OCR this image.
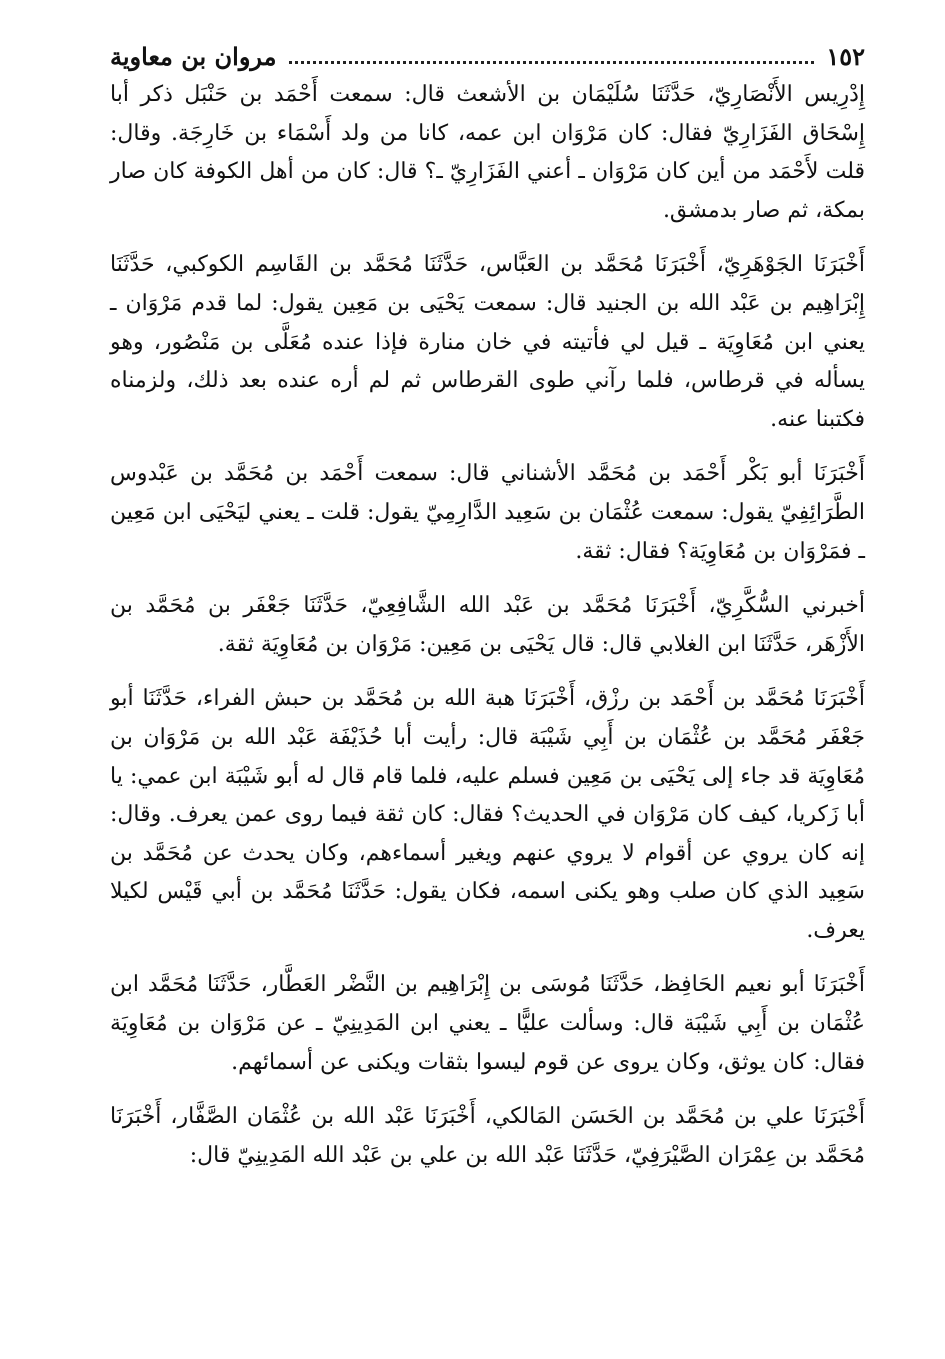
١٥٢
مروان بن معاوية

إِدْرِيس الأَنْصَارِيّ، حَدَّثَنَا سُلَيْمَان بن الأشعث قال: سمعت أَحْمَد بن حَنْبَل ذكر أبا إِسْحَاق الفَزَارِيّ فقال: كان مَرْوَان ابن عمه، كانا من ولد أَسْمَاء بن خَارِجَة. وقال: قلت لأَحْمَد من أين كان مَرْوَان ـ أعني الفَزَارِيّ ـ؟ قال: كان من أهل الكوفة كان صار بمكة، ثم صار بدمشق.

أَخْبَرَنَا الجَوْهَرِيّ، أَخْبَرَنَا مُحَمَّد بن العَبَّاس، حَدَّثَنَا مُحَمَّد بن القَاسِم الكوكبي، حَدَّثَنَا إِبْرَاهِيم بن عَبْد الله بن الجنيد قال: سمعت يَحْيَى بن مَعِين يقول: لما قدم مَرْوَان ـ يعني ابن مُعَاوِيَة ـ قيل لي فأتيته في خان منارة فإذا عنده مُعَلَّى بن مَنْصُور، وهو يسأله في قرطاس، فلما رآني طوى القرطاس ثم لم أره عنده بعد ذلك، ولزمناه فكتبنا عنه.

أَخْبَرَنَا أبو بَكْر أَحْمَد بن مُحَمَّد الأشناني قال: سمعت أَحْمَد بن مُحَمَّد بن عَبْدوس الطَّرَائِفِيّ يقول: سمعت عُثْمَان بن سَعِيد الدَّارِمِيّ يقول: قلت ـ يعني ليَحْيَى ابن مَعِين ـ فمَرْوَان بن مُعَاوِيَة؟ فقال: ثقة.

أخبرني السُّكَّرِيّ، أَخْبَرَنَا مُحَمَّد بن عَبْد الله الشَّافِعِيّ، حَدَّثَنَا جَعْفَر بن مُحَمَّد بن الأَزْهَر، حَدَّثَنَا ابن الغلابي قال: قال يَحْيَى بن مَعِين: مَرْوَان بن مُعَاوِيَة ثقة.

أَخْبَرَنَا مُحَمَّد بن أَحْمَد بن رزْق، أَخْبَرَنَا هبة الله بن مُحَمَّد بن حبش الفراء، حَدَّثَنَا أبو جَعْفَر مُحَمَّد بن عُثْمَان بن أَبِي شَيْبَة قال: رأيت أبا حُذَيْفَة عَبْد الله بن مَرْوَان بن مُعَاوِيَة قد جاء إلى يَحْيَى بن مَعِين فسلم عليه، فلما قام قال له أبو شَيْبَة ابن عمي: يا أبا زَكريا، كيف كان مَرْوَان في الحديث؟ فقال: كان ثقة فيما روى عمن يعرف. وقال: إنه كان يروي عن أقوام لا يروي عنهم ويغير أسماءهم، وكان يحدث عن مُحَمَّد بن سَعِيد الذي كان صلب وهو يكنى اسمه، فكان يقول: حَدَّثَنَا مُحَمَّد بن أبي قَيْس لكيلا يعرف.

أَخْبَرَنَا أبو نعيم الحَافِظ، حَدَّثَنَا مُوسَى بن إِبْرَاهِيم بن النَّضْر العَطَّار، حَدَّثَنَا مُحَمَّد ابن عُثْمَان بن أَبِي شَيْبَة قال: وسألت عليًّا ـ يعني ابن المَدِينِيّ ـ عن مَرْوَان بن مُعَاوِيَة فقال: كان يوثق، وكان يروى عن قوم ليسوا بثقات ويكنى عن أسمائهم.

أَخْبَرَنَا علي بن مُحَمَّد بن الحَسَن المَالكي، أَخْبَرَنَا عَبْد الله بن عُثْمَان الصَّفَّار، أَخْبَرَنَا مُحَمَّد بن عِمْرَان الصَّيْرَفِيّ، حَدَّثَنَا عَبْد الله بن علي بن عَبْد الله المَدِينِيّ قال:
